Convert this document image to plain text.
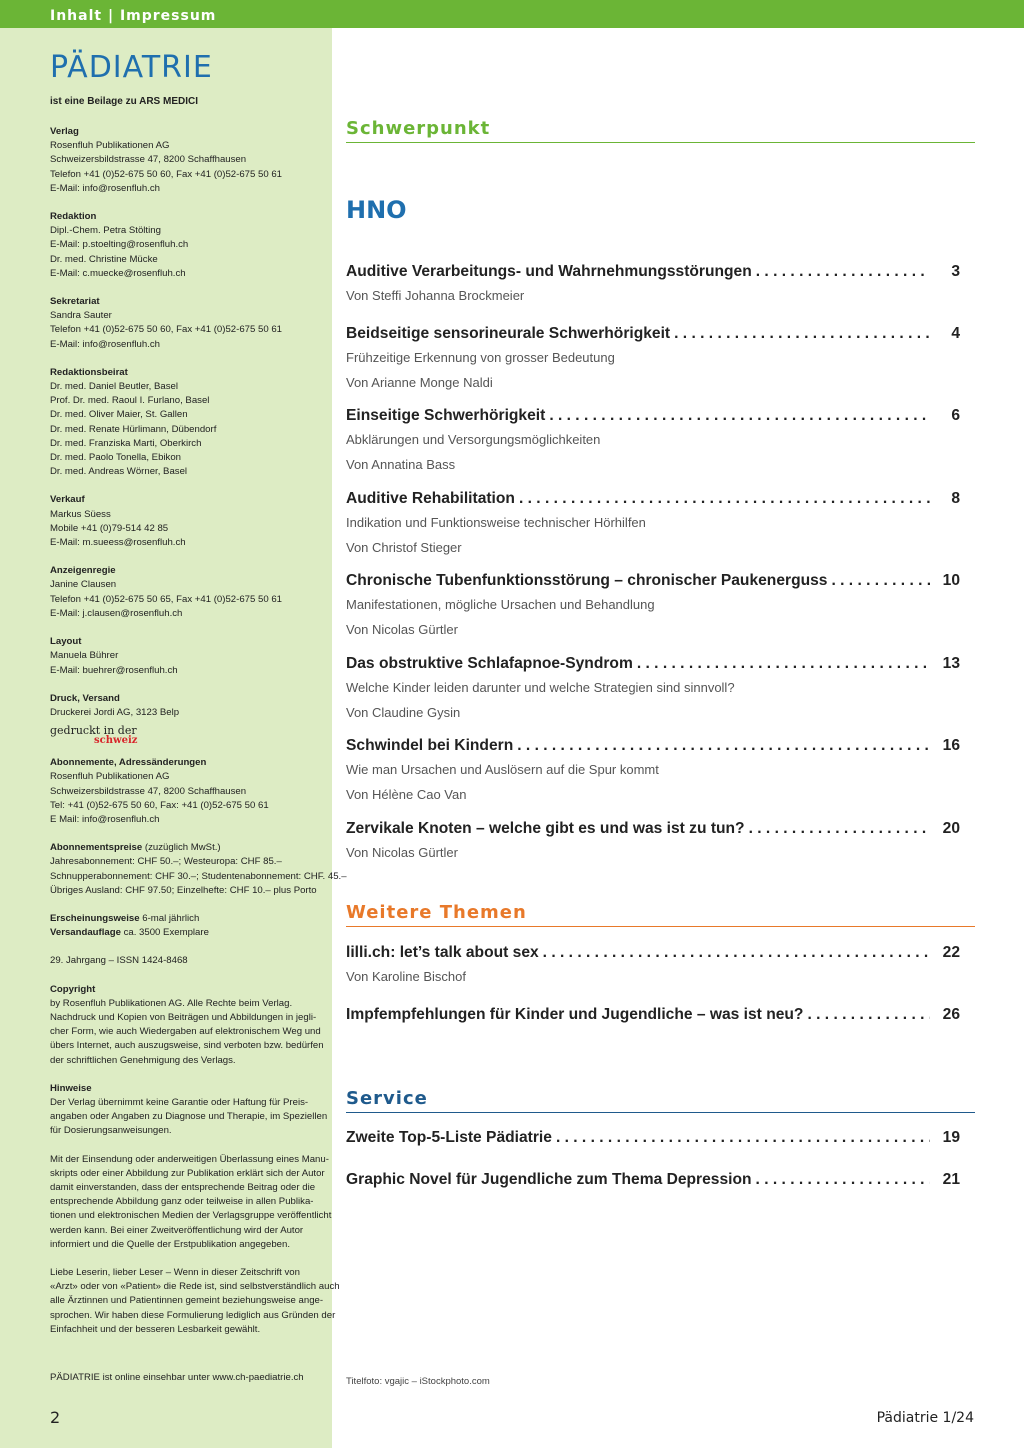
Inhalt | Impressum
PÄDIATRIE
ist eine Beilage zu ARS MEDICI
Verlag
Rosenfluh Publikationen AG
Schweizersbildstrasse 47, 8200 Schaffhausen
Telefon +41 (0)52-675 50 60, Fax +41 (0)52-675 50 61
E-Mail: info@rosenfluh.ch
Redaktion
Dipl.-Chem. Petra Stölting
E-Mail: p.stoelting@rosenfluh.ch
Dr. med. Christine Mücke
E-Mail: c.muecke@rosenfluh.ch
Sekretariat
Sandra Sauter
Telefon +41 (0)52-675 50 60, Fax +41 (0)52-675 50 61
E-Mail: info@rosenfluh.ch
Redaktionsbeirat
Dr. med. Daniel Beutler, Basel
Prof. Dr. med. Raoul I. Furlano, Basel
Dr. med. Oliver Maier, St. Gallen
Dr. med. Renate Hürlimann, Dübendorf
Dr. med. Franziska Marti, Oberkirch
Dr. med. Paolo Tonella, Ebikon
Dr. med. Andreas Wörner, Basel
Verkauf
Markus Süess
Mobile +41 (0)79-514 42 85
E-Mail: m.sueess@rosenfluh.ch
Anzeigenregie
Janine Clausen
Telefon +41 (0)52-675 50 65, Fax +41 (0)52-675 50 61
E-Mail: j.clausen@rosenfluh.ch
Layout
Manuela Bührer
E-Mail: buehrer@rosenfluh.ch
Druck, Versand
Druckerei Jordi AG, 3123 Belp
gedruckt in der
schweiz
Abonnemente, Adressänderungen
Rosenfluh Publikationen AG
Schweizersbildstrasse 47, 8200 Schaffhausen
Tel: +41 (0)52-675 50 60, Fax: +41 (0)52-675 50 61
E Mail: info@rosenfluh.ch
Abonnementspreise (zuzüglich MwSt.)
Jahresabonnement: CHF 50.–; Westeuropa: CHF 85.–
Schnupperabonnement: CHF 30.–; Studentenabonnement: CHF. 45.–
Übriges Ausland: CHF 97.50; Einzelhefte: CHF 10.– plus Porto
Erscheinungsweise 6-mal jährlich
Versandauflage ca. 3500 Exemplare
29. Jahrgang – ISSN 1424-8468
Copyright
by Rosenfluh Publikationen AG. Alle Rechte beim Verlag.
Nachdruck und Kopien von Beiträgen und Abbildungen in jegli-
cher Form, wie auch Wiedergaben auf elektronischem Weg und
übers Internet, auch auszugsweise, sind verboten bzw. bedürfen
der schriftlichen Genehmigung des Verlags.
Hinweise
Der Verlag übernimmt keine Garantie oder Haftung für Preis-
angaben oder Angaben zu Diagnose und Therapie, im Speziellen
für Dosierungsanweisungen.
Mit der Einsendung oder anderweitigen Überlassung eines Manu-
skripts oder einer Abbildung zur Publikation erklärt sich der Autor
damit einverstanden, dass der entsprechende Beitrag oder die
entsprechende Abbildung ganz oder teilweise in allen Publika-
tionen und elektronischen Medien der Verlagsgruppe veröffentlicht
werden kann. Bei einer Zweitveröffentlichung wird der Autor
informiert und die Quelle der Erstpublikation angegeben.
Liebe Leserin, lieber Leser – Wenn in dieser Zeitschrift von
«Arzt» oder von «Patient» die Rede ist, sind selbstverständlich auch
alle Ärztinnen und Patientinnen gemeint beziehungsweise ange-
sprochen. Wir haben diese Formulierung lediglich aus Gründen der
Einfachheit und der besseren Lesbarkeit gewählt.
PÄDIATRIE ist online einsehbar unter www.ch-paediatrie.ch
2
Schwerpunkt
HNO
Auditive Verarbeitungs- und Wahrnehmungsstörungen . . .	3
Von Steffi Johanna Brockmeier
Beidseitige sensorineurale Schwerhörigkeit . . .	4
Frühzeitige Erkennung von grosser Bedeutung
Von Arianne Monge Naldi
Einseitige Schwerhörigkeit . . .	6
Abklärungen und Versorgungsmöglichkeiten
Von Annatina Bass
Auditive Rehabilitation . . .	8
Indikation und Funktionsweise technischer Hörhilfen
Von Christof Stieger
Chronische Tubenfunktionsstörung – chronischer Paukenerguss . . .	10
Manifestationen, mögliche Ursachen und Behandlung
Von Nicolas Gürtler
Das obstruktive Schlafapnoe-Syndrom . . .	13
Welche Kinder leiden darunter und welche Strategien sind sinnvoll?
Von Claudine Gysin
Schwindel bei Kindern . . .	16
Wie man Ursachen und Auslösern auf die Spur kommt
Von Hélène Cao Van
Zervikale Knoten – welche gibt es und was ist zu tun? . . .	20
Von Nicolas Gürtler
Weitere Themen
lilli.ch: let’s talk about sex . . .	22
Von Karoline Bischof
Impfempfehlungen für Kinder und Jugendliche – was ist neu? . . .	26
Service
Zweite Top-5-Liste Pädiatrie . . .	19
Graphic Novel für Jugendliche zum Thema Depression . . .	21
Titelfoto: vgajic – iStockphoto.com
Pädiatrie 1/24
